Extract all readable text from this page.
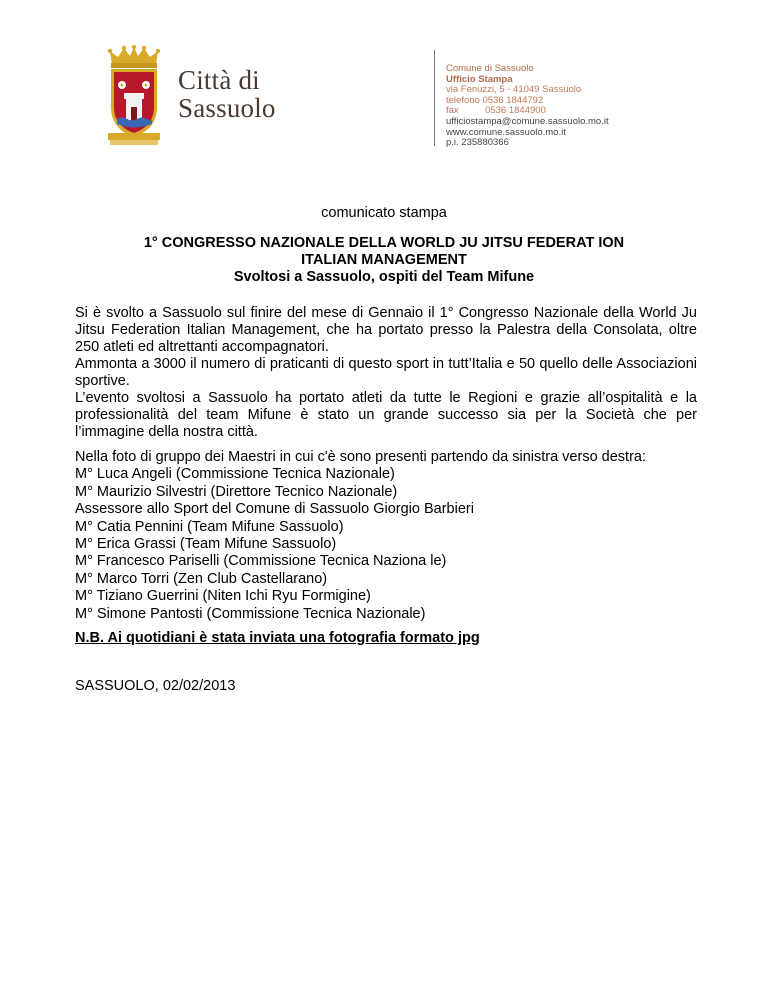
Città di
Sassuolo
Comune di Sassuolo
Ufficio Stampa
via Fenuzzi, 5 - 41049 Sassuolo
telefono 0536 1844792
fax          0536 1844900
ufficiostampa@comune.sassuolo.mo.it
www.comune.sassuolo.mo.it
p.i. 235880366
comunicato stampa
1° CONGRESSO NAZIONALE DELLA WORLD JU JITSU FEDERAT ION
ITALIAN MANAGEMENT
Svoltosi a Sassuolo, ospiti del Team Mifune
Si è svolto a Sassuolo sul finire del mese di Gennaio il 1° Congresso Nazionale della World Ju Jitsu Federation Italian Management, che ha portato presso la Palestra della Consolata, oltre 250 atleti ed altrettanti accompagnatori.
Ammonta a 3000 il numero di praticanti di questo sport in tutt’Italia e 50 quello delle Associazioni sportive.
L’evento svoltosi a Sassuolo ha portato atleti da tutte le Regioni e grazie all’ospitalità e la professionalità del team Mifune è stato un grande successo sia per la Società che per l’immagine della nostra città.
Nella foto di gruppo dei Maestri in cui c'è sono presenti partendo da sinistra verso destra:
M° Luca Angeli (Commissione Tecnica Nazionale)
M° Maurizio Silvestri (Direttore Tecnico Nazionale)
Assessore allo Sport del Comune di Sassuolo Giorgio Barbieri
M° Catia Pennini (Team Mifune Sassuolo)
M° Erica Grassi (Team Mifune Sassuolo)
M° Francesco Pariselli (Commissione Tecnica Naziona le)
M° Marco Torri (Zen Club Castellarano)
M° Tiziano Guerrini (Niten Ichi Ryu Formigine)
M° Simone Pantosti (Commissione Tecnica Nazionale)
N.B. Ai quotidiani è stata inviata una fotografia formato jpg
SASSUOLO, 02/02/2013
